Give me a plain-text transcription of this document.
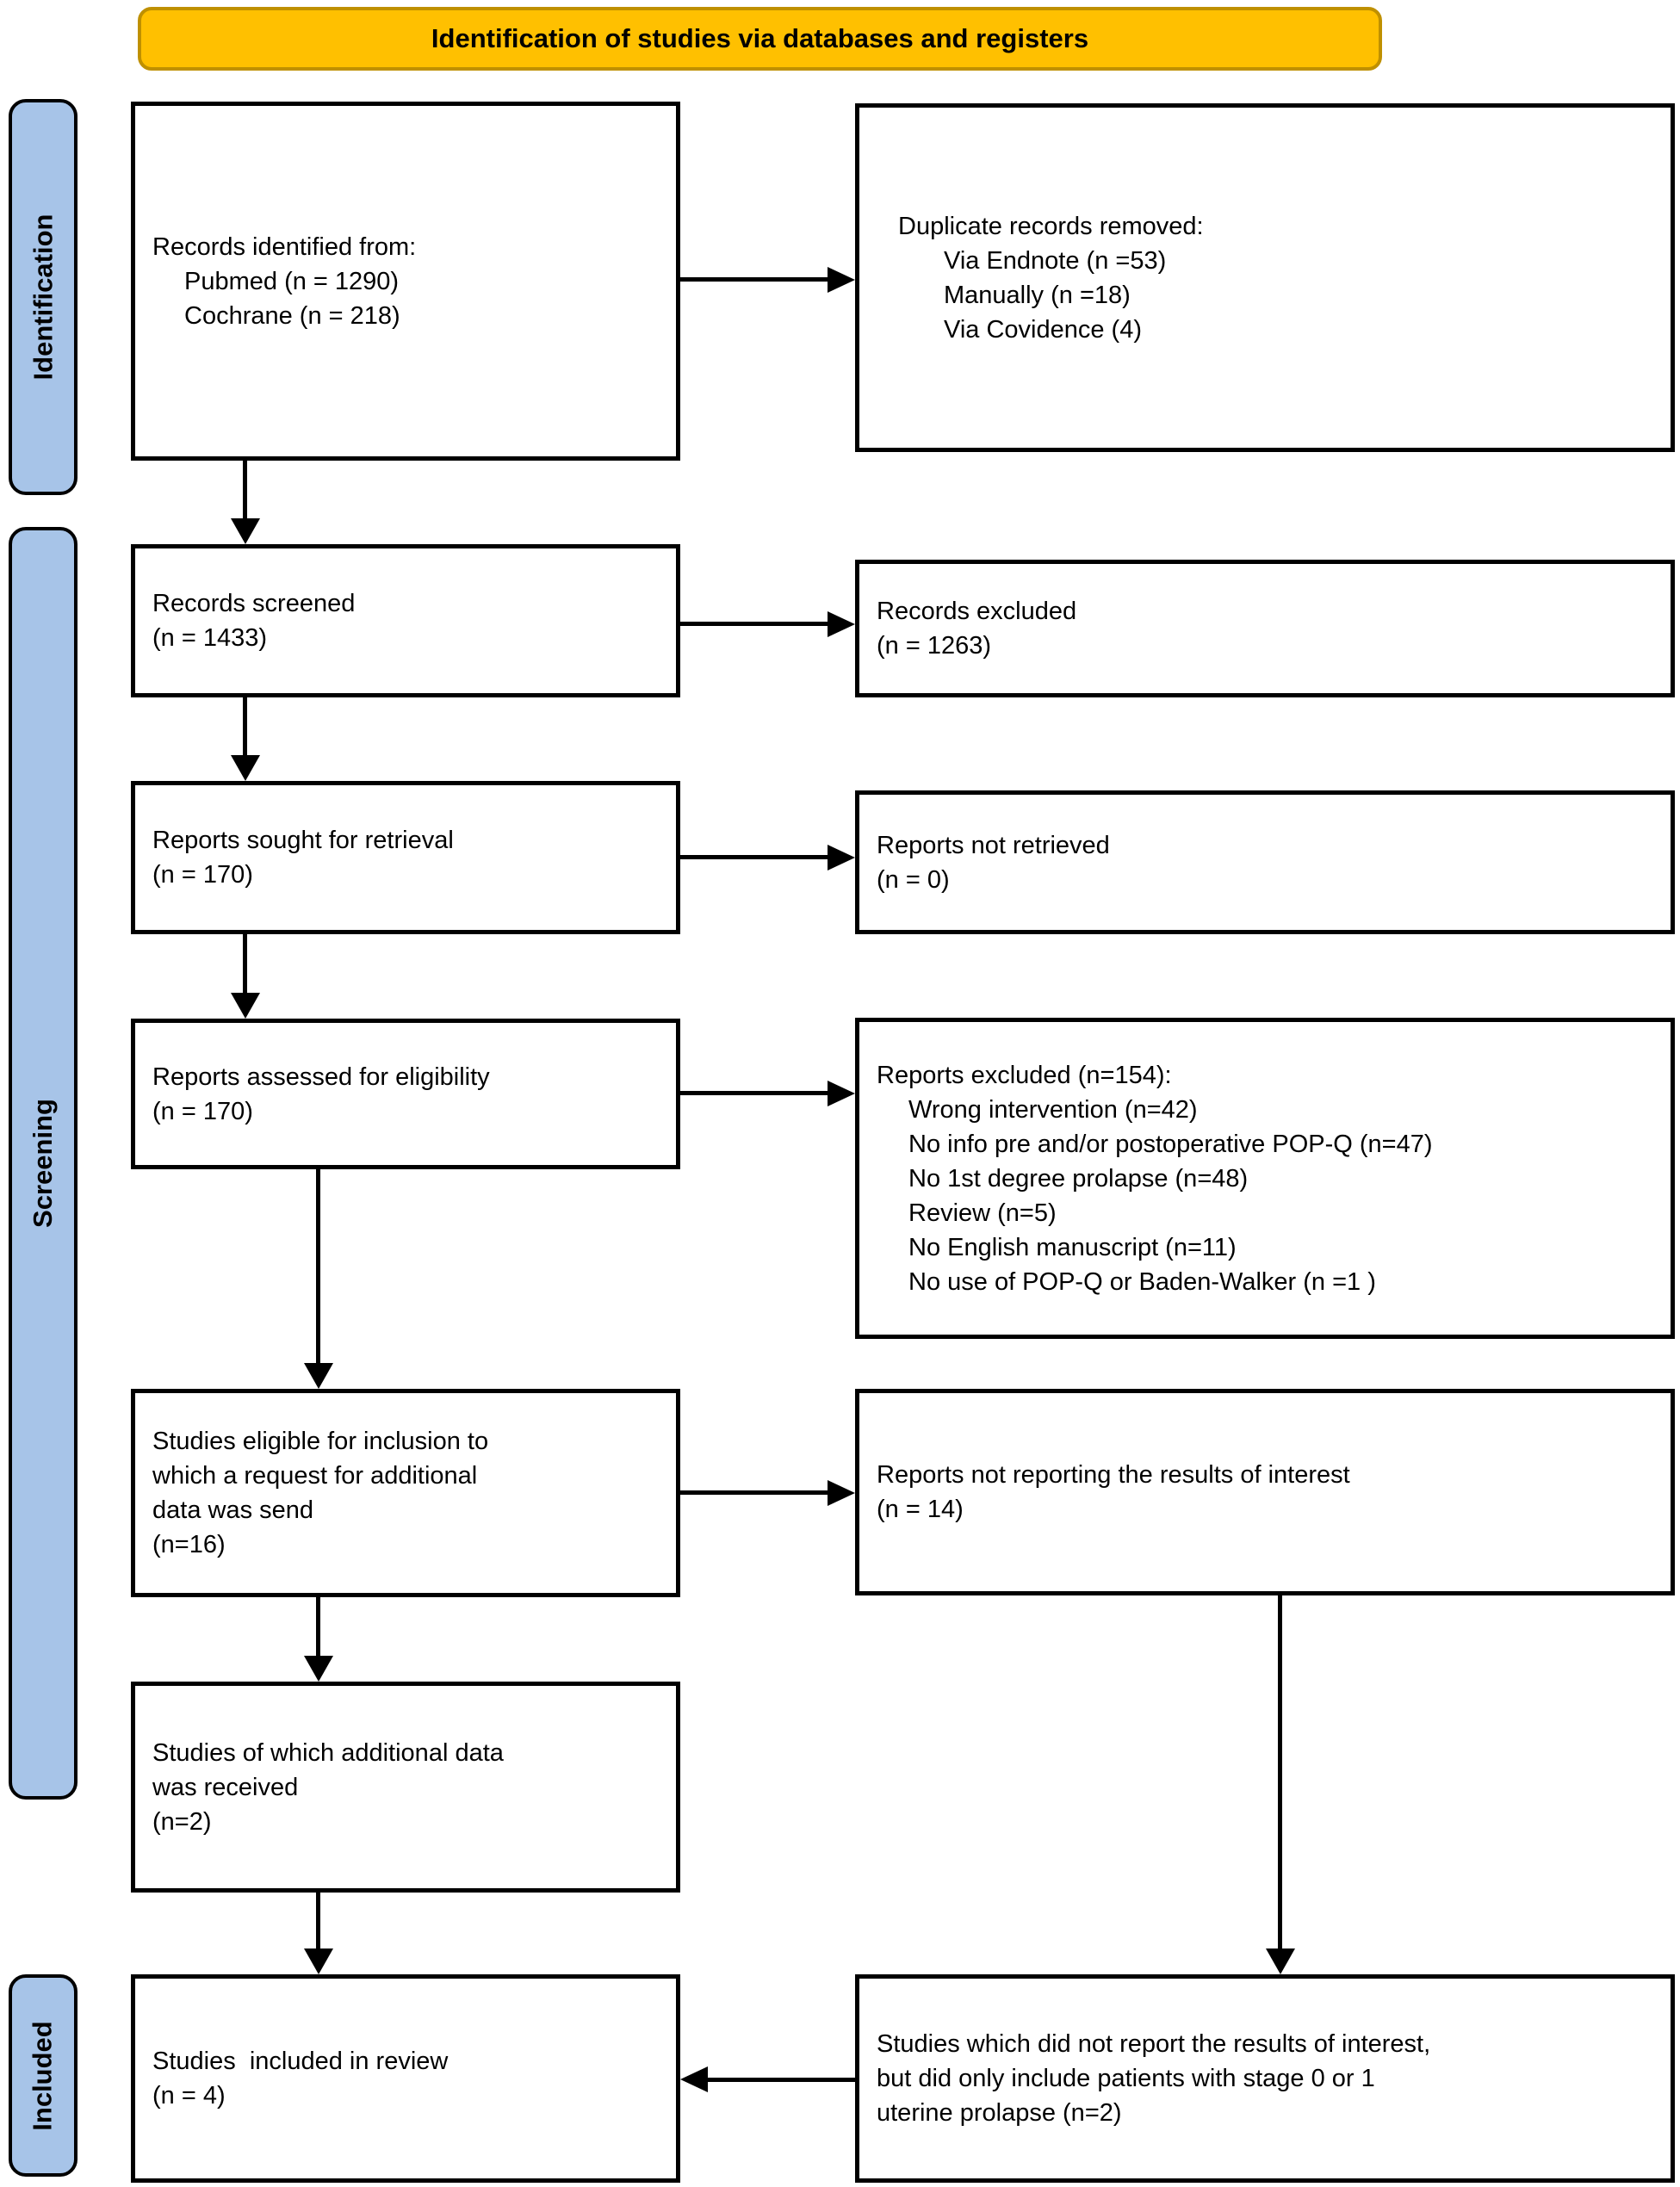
Identification of studies via databases and registers
Identification
Screening
Included
Records identified from:
Pubmed (n = 1290)
Cochrane (n = 218)
Records screened
(n = 1433)
Reports sought for retrieval
(n = 170)
Reports assessed for eligibility
(n = 170)
Studies eligible for inclusion to
which a request for additional
data was send
(n=16)
Studies of which additional data
was received
(n=2)
Studies  included in review
(n = 4)
Duplicate records removed:
Via Endnote (n =53)
Manually (n =18)
Via Covidence (4)
Records excluded
(n = 1263)
Reports not retrieved
(n = 0)
Reports excluded (n=154):
Wrong intervention (n=42)
No info pre and/or postoperative POP-Q (n=47)
No 1st degree prolapse (n=48)
Review (n=5)
No English manuscript (n=11)
No use of POP-Q or Baden-Walker (n =1 )
Reports not reporting the results of interest
(n = 14)
Studies which did not report the results of interest,
but did only include patients with stage 0 or 1
uterine prolapse (n=2)
